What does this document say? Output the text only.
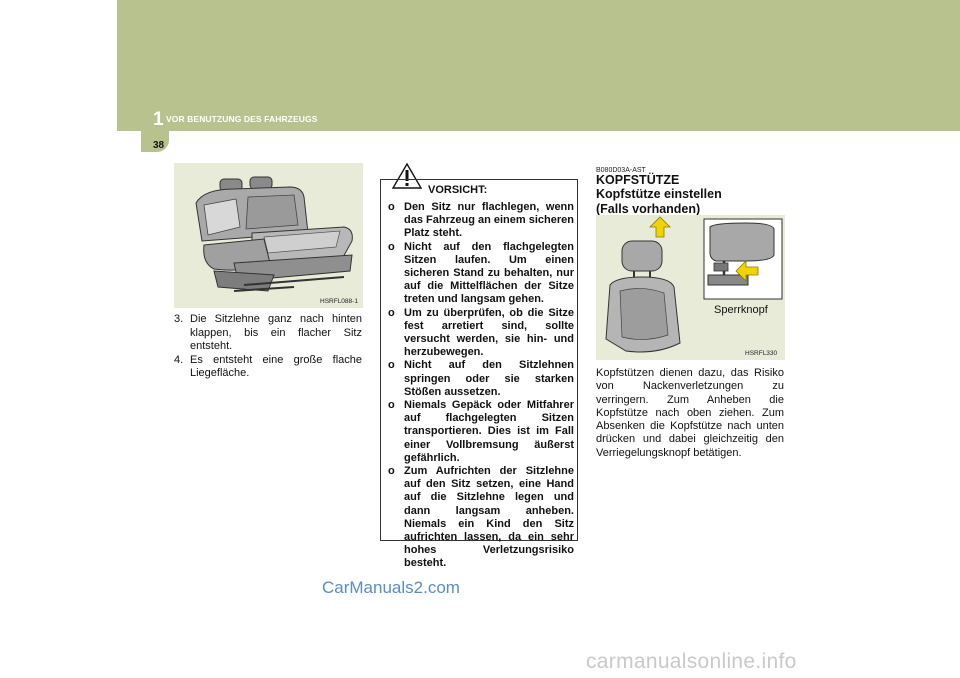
1 VOR BENUTZUNG DES FAHRZEUGS
38
HSRFL088-1
3. Die Sitzlehne ganz nach hinten klappen, bis ein flacher Sitz entsteht.
4. Es entsteht eine große flache Liegefläche.
VORSICHT:
o Den Sitz nur flachlegen, wenn das Fahrzeug an einem sicheren Platz steht.
o Nicht auf den flachgelegten Sitzen laufen. Um einen sicheren Stand zu behalten, nur auf die Mittelflächen der Sitze treten und langsam gehen.
o Um zu überprüfen, ob die Sitze fest arretiert sind, sollte versucht werden, sie hin- und herzubewegen.
o Nicht auf den Sitzlehnen springen oder sie starken Stößen aussetzen.
o Niemals Gepäck oder Mitfahrer auf flachgelegten Sitzen transportieren. Dies ist im Fall einer Vollbremsung äußerst gefährlich.
o Zum Aufrichten der Sitzlehne auf den Sitz setzen, eine Hand auf die Sitzlehne legen und dann langsam anheben. Niemals ein Kind den Sitz aufrichten lassen, da ein sehr hohes Verletzungsrisiko besteht.
B080D03A-AST
KOPFSTÜTZE
Kopfstütze einstellen
(Falls vorhanden)
Sperrknopf
HSRFL330
Kopfstützen dienen dazu, das Risiko von Nackenverletzungen zu verringern. Zum Anheben die Kopfstütze nach oben ziehen. Zum Absenken die Kopfstütze nach unten drücken und dabei gleichzeitig den Verriegelungsknopf betätigen.
CarManuals2.com
carmanualsonline.info
